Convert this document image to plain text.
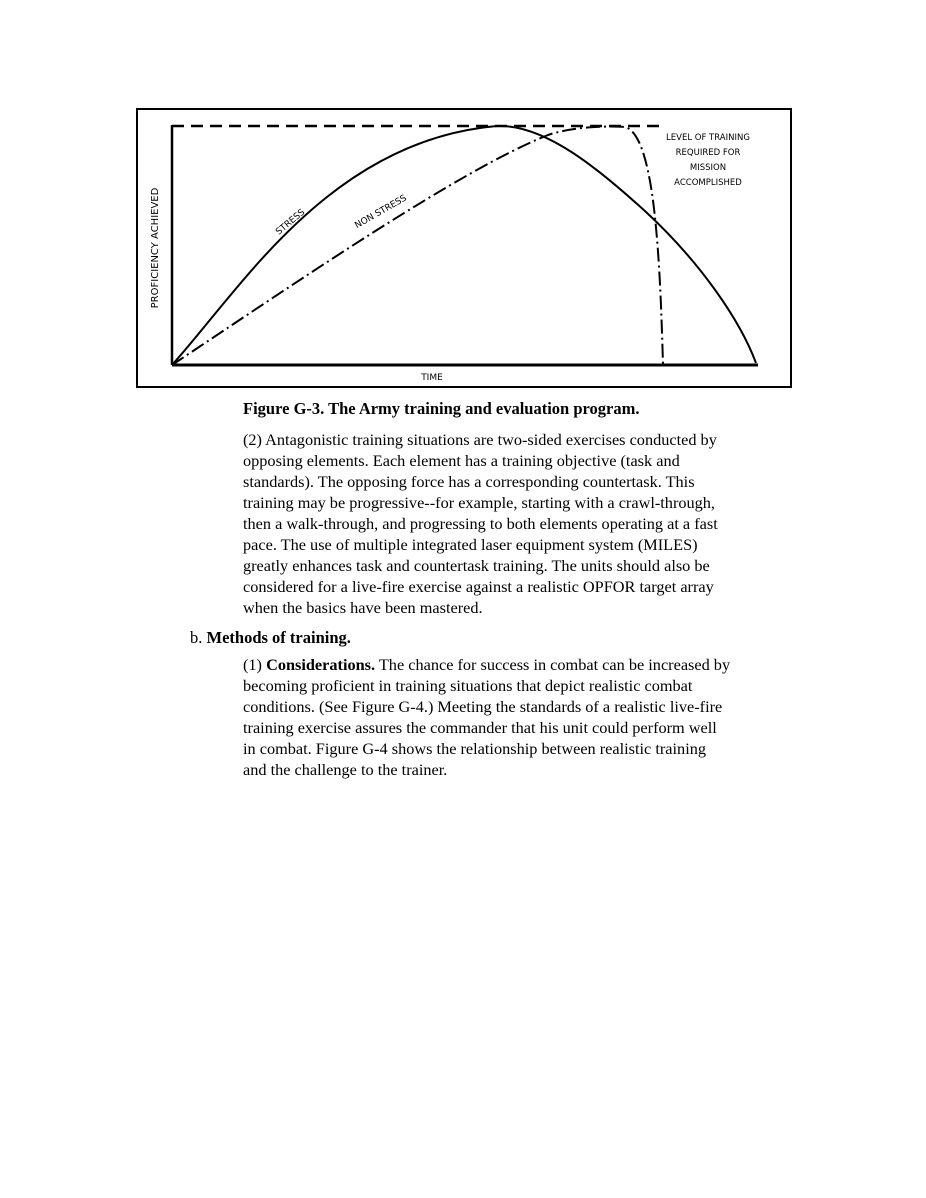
PROFICIENCY ACHIEVED
TIME
STRESS	NON STRESS
LEVEL OF TRAINING
REQUIRED FOR
MISSION
ACCOMPLISHED
Figure G-3. The Army training and evaluation program.
(2) Antagonistic training situations are two-sided exercises conducted by
opposing elements. Each element has a training objective (task and
standards). The opposing force has a corresponding countertask. This
training may be progressive--for example, starting with a crawl-through,
then a walk-through, and progressing to both elements operating at a fast
pace. The use of multiple integrated laser equipment system (MILES)
greatly enhances task and countertask training. The units should also be
considered for a live-fire exercise against a realistic OPFOR target array
when the basics have been mastered.
b. Methods of training.
(1) Considerations. The chance for success in combat can be increased by
becoming proficient in training situations that depict realistic combat
conditions. (See Figure G-4.) Meeting the standards of a realistic live-fire
training exercise assures the commander that his unit could perform well
in combat. Figure G-4 shows the relationship between realistic training
and the challenge to the trainer.
